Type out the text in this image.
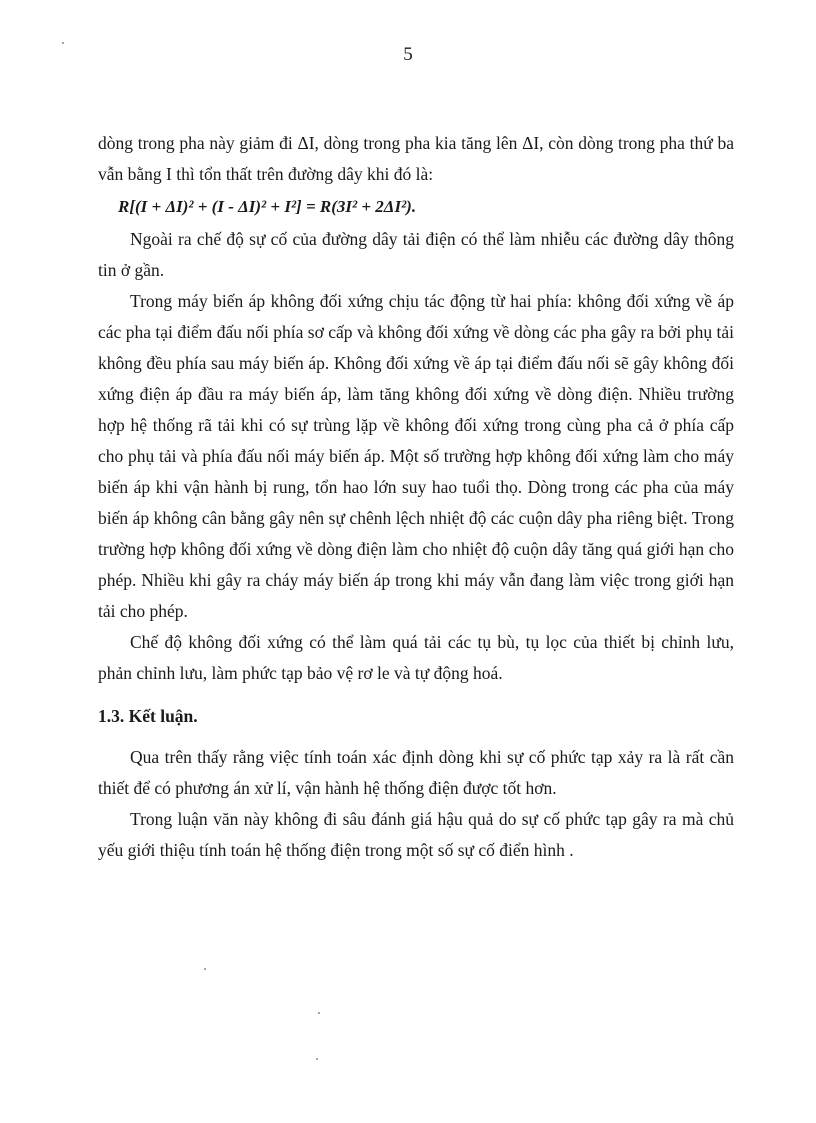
5

dòng trong pha này giảm đi ΔI, dòng trong pha kia tăng lên ΔI, còn dòng trong pha thứ ba vẫn bằng I thì tổn thất trên đường dây khi đó là:

R[(I + ΔI)² + (I - ΔI)² + I²] = R(3I² + 2ΔI²).

Ngoài ra chế độ sự cố của đường dây tải điện có thể làm nhiễu các đường dây thông tin ở gần.

Trong máy biến áp không đối xứng chịu tác động từ hai phía: không đối xứng về áp các pha tại điểm đấu nối phía sơ cấp và không đối xứng về dòng các pha gây ra bởi phụ tải không đều phía sau máy biến áp. Không đối xứng về áp tại điểm đấu nối sẽ gây không đối xứng điện áp đầu ra máy biến áp, làm tăng không đối xứng về dòng điện. Nhiều trường hợp hệ thống rã tải khi có sự trùng lặp về không đối xứng trong cùng pha cả ở phía cấp cho phụ tải và phía đấu nối máy biến áp. Một số trường hợp không đối xứng làm cho máy biến áp khi vận hành bị rung, tổn hao lớn suy hao tuổi thọ. Dòng trong các pha của máy biến áp không cân bằng gây nên sự chênh lệch nhiệt độ các cuộn dây pha riêng biệt. Trong trường hợp không đối xứng về dòng điện làm cho nhiệt độ cuộn dây tăng quá giới hạn cho phép. Nhiều khi gây ra cháy máy biến áp trong khi máy vẫn đang làm việc trong giới hạn tải cho phép.

Chế độ không đối xứng có thể làm quá tải các tụ bù, tụ lọc của thiết bị chỉnh lưu, phản chỉnh lưu, làm phức tạp bảo vệ rơ le và tự động hoá.

1.3. Kết luận.

Qua trên thấy rằng việc tính toán xác định dòng khi sự cố phức tạp xảy ra là rất cần thiết để có phương án xử lí, vận hành hệ thống điện được tốt hơn.

Trong luận văn này không đi sâu đánh giá hậu quả do sự cố phức tạp gây ra mà chủ yếu giới thiệu tính toán hệ thống điện trong một số sự cố điển hình .
